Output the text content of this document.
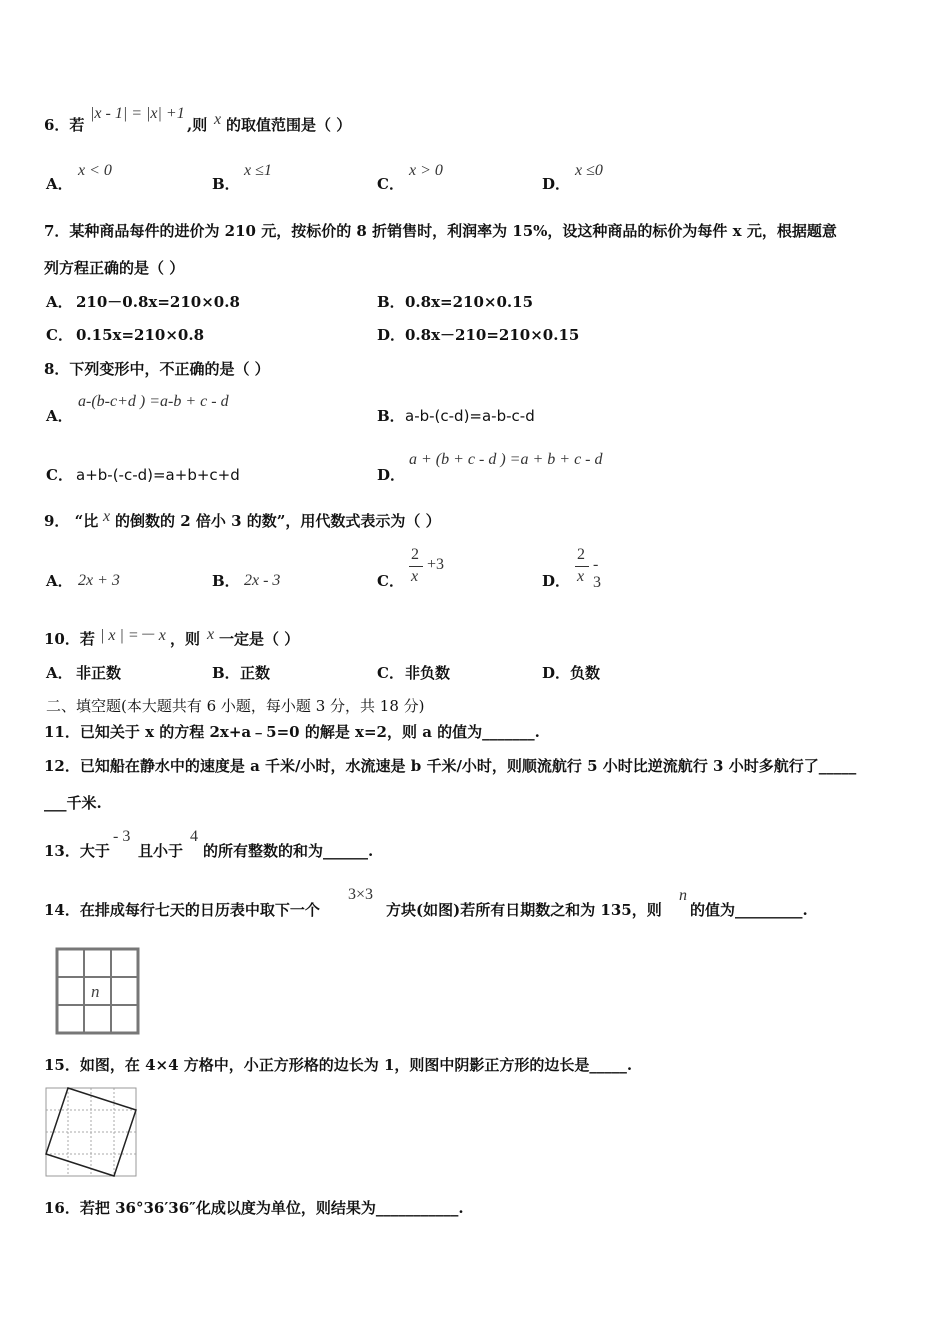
6．若
|x - 1| = |x| +1
,则 x 的取值范围是（ ）
A．
x < 0
B．
x ≤1
C．
x > 0
D．
x ≤0
7．某种商品每件的进价为 210 元，按标价的 8 折销售时，利润率为 15%，设这种商品的标价为每件 x 元，根据题意
列方程正确的是（ ）
A． 210－0.8x=210×0.8	B． 0.8x=210×0.15
C． 0.15x=210×0.8	D． 0.8x－210=210×0.15
8．下列变形中，不正确的是（ ）
A．
a-(b-c+d ) =a-b + c - d
B． a-b-(c-d)=a-b-c-d
C． a+b-(-c-d)=a+b+c+d	D．
a + (b + c - d ) =a + b + c - d
9． “比 x 的倒数的 2 倍小 3 的数”，用代数式表示为（ ）
A． 2x + 3	B． 2x - 3	C．
2
x
+3
D．
2
x
- 3
10．若 | x | =－ x ，则 x 一定是（ ）
A． 非正数	B． 正数	C． 非负数	D． 负数
二、填空题(本大题共有 6 小题，每小题 3 分，共 18 分)
11．已知关于 x 的方程 2x+a﹣5=0 的解是 x=2，则 a 的值为_______.
12．已知船在静水中的速度是 a 千米/小时，水流速是 b 千米/小时，则顺流航行 5 小时比逆流航行 3 小时多航行了_____
___千米.
13．大于
- 3
且小于
4
的所有整数的和为______.
14．在排成每行七天的日历表中取下一个
3×3
方块(如图)若所有日期数之和为 135，则
n
的值为_________.
n
15．如图，在 4×4 方格中，小正方形格的边长为 1，则图中阴影正方形的边长是_____.
16．若把 36°36′36″化成以度为单位，则结果为___________.
